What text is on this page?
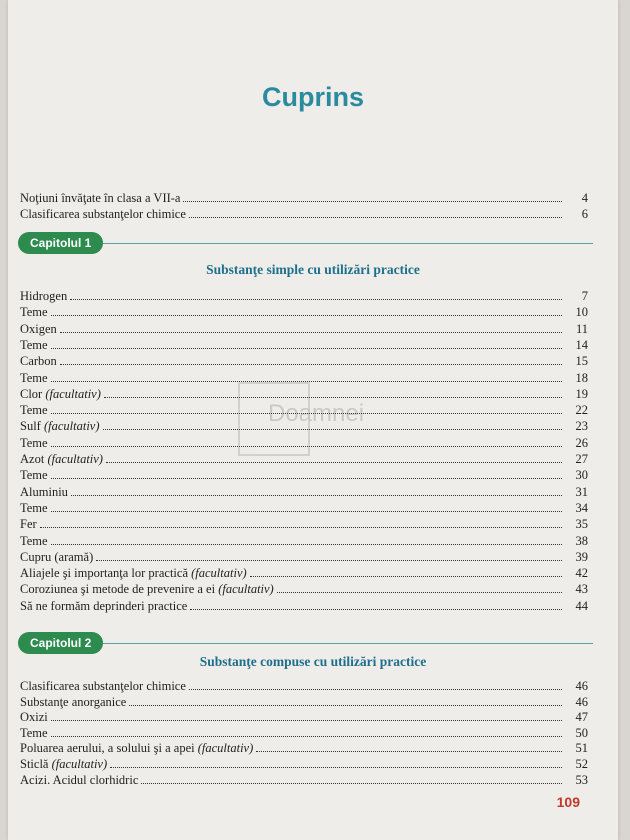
Cuprins
Noţiuni învăţate în clasa a VII-a	4
Clasificarea substanţelor chimice	6
Capitolul 1
Substanţe simple cu utilizări practice
Hidrogen	7
Teme	10
Oxigen	11
Teme	14
Carbon	15
Teme	18
Clor (facultativ)	19
Teme	22
Sulf (facultativ)	23
Teme	26
Azot (facultativ)	27
Teme	30
Aluminiu	31
Teme	34
Fer	35
Teme	38
Cupru (aramă)	39
Aliajele şi importanţa lor practică (facultativ)	42
Coroziunea şi metode de prevenire a ei (facultativ)	43
Să ne formăm deprinderi practice	44
Capitolul 2
Substanţe compuse cu utilizări practice
Clasificarea substanţelor chimice	46
Substanţe anorganice	46
Oxizi	47
Teme	50
Poluarea aerului, a solului şi a apei (facultativ)	51
Sticlă (facultativ)	52
Acizi. Acidul clorhidric	53
Doamnei
109
